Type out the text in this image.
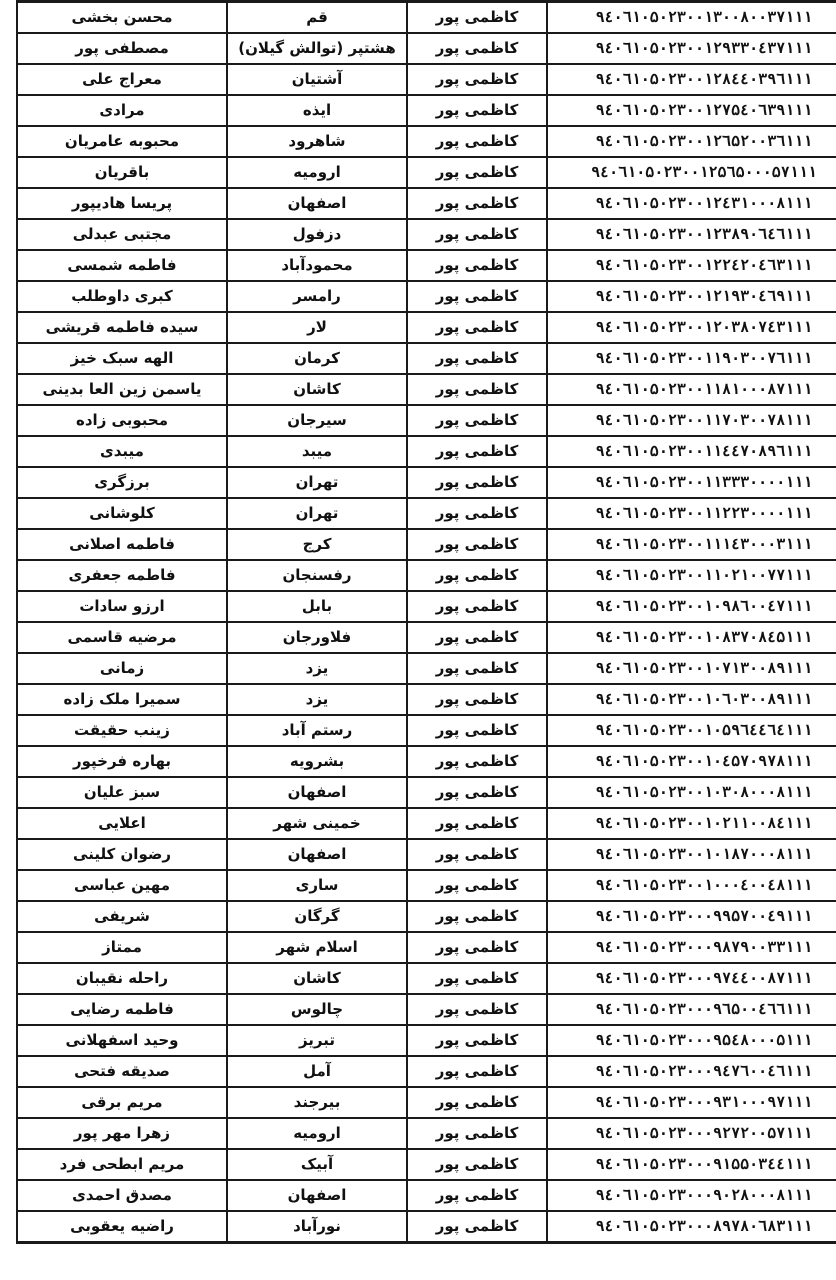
محسن بخشی	قم	کاظمی پور	۹٤۰٦۱۰۵۰۲۳۰۰۱۳۰۰۸۰۰۳۷۱۱۱
مصطفی پور	هشتپر (توالش گیلان)	کاظمی پور	۹٤۰٦۱۰۵۰۲۳۰۰۱۲۹۳۳۰٤۳۷۱۱۱
معراج علی	آشتیان	کاظمی پور	۹٤۰٦۱۰۵۰۲۳۰۰۱۲۸٤٤۰۳۹٦۱۱۱
مرادی	ایذه	کاظمی پور	۹٤۰٦۱۰۵۰۲۳۰۰۱۲۷۵٤۰٦۳۹۱۱۱
محبوبه عامریان	شاهرود	کاظمی پور	۹٤۰٦۱۰۵۰۲۳۰۰۱۲٦۵۲۰۰۳٦۱۱۱
باقریان	ارومیه	کاظمی پور	۹٤۰٦۱۰۵۰۲۳۰۰۱۲۵٦۵۰۰۰۵۷۱۱۱
پریسا هادیپور	اصفهان	کاظمی پور	۹٤۰٦۱۰۵۰۲۳۰۰۱۲٤۳۱۰۰۰۸۱۱۱
مجتبی عبدلی	دزفول	کاظمی پور	۹٤۰٦۱۰۵۰۲۳۰۰۱۲۳۸۹۰٦٤٦۱۱۱
فاطمه شمسی	محمودآباد	کاظمی پور	۹٤۰٦۱۰۵۰۲۳۰۰۱۲۲٤۲۰٤٦۳۱۱۱
کبری داوطلب	رامسر	کاظمی پور	۹٤۰٦۱۰۵۰۲۳۰۰۱۲۱۹۳۰٤٦۹۱۱۱
سیده فاطمه قریشی	لار	کاظمی پور	۹٤۰٦۱۰۵۰۲۳۰۰۱۲۰۳۸۰۷٤۳۱۱۱
الهه سبک خیز	کرمان	کاظمی پور	۹٤۰٦۱۰۵۰۲۳۰۰۱۱۹۰۳۰۰۷٦۱۱۱
یاسمن زین العا بدینی	کاشان	کاظمی پور	۹٤۰٦۱۰۵۰۲۳۰۰۱۱۸۱۰۰۰۸۷۱۱۱
محبوبی زاده	سیرجان	کاظمی پور	۹٤۰٦۱۰۵۰۲۳۰۰۱۱۷۰۳۰۰۷۸۱۱۱
میبدی	میبد	کاظمی پور	۹٤۰٦۱۰۵۰۲۳۰۰۱۱٤٤۷۰۸۹٦۱۱۱
برزگری	تهران	کاظمی پور	۹٤۰٦۱۰۵۰۲۳۰۰۱۱۳۳۳۰۰۰۰۱۱۱
کلوشانی	تهران	کاظمی پور	۹٤۰٦۱۰۵۰۲۳۰۰۱۱۲۲۳۰۰۰۰۱۱۱
فاطمه اصلانی	کرج	کاظمی پور	۹٤۰٦۱۰۵۰۲۳۰۰۱۱۱٤۳۰۰۰۳۱۱۱
فاطمه جعفری	رفسنجان	کاظمی پور	۹٤۰٦۱۰۵۰۲۳۰۰۱۱۰۲۱۰۰۷۷۱۱۱
ارزو سادات	بابل	کاظمی پور	۹٤۰٦۱۰۵۰۲۳۰۰۱۰۹۸٦۰۰٤۷۱۱۱
مرضیه قاسمی	فلاورجان	کاظمی پور	۹٤۰٦۱۰۵۰۲۳۰۰۱۰۸۳۷۰۸٤۵۱۱۱
زمانی	یزد	کاظمی پور	۹٤۰٦۱۰۵۰۲۳۰۰۱۰۷۱۳۰۰۸۹۱۱۱
سمیرا ملک زاده	یزد	کاظمی پور	۹٤۰٦۱۰۵۰۲۳۰۰۱۰٦۰۳۰۰۸۹۱۱۱
زینب حقیقت	رستم آباد	کاظمی پور	۹٤۰٦۱۰۵۰۲۳۰۰۱۰۵۹٦٤٤٦٤۱۱۱
بهاره فرخپور	بشرویه	کاظمی پور	۹٤۰٦۱۰۵۰۲۳۰۰۱۰٤۵۷۰۹۷۸۱۱۱
سبز علیان	اصفهان	کاظمی پور	۹٤۰٦۱۰۵۰۲۳۰۰۱۰۳۰۸۰۰۰۸۱۱۱
اعلایی	خمینی شهر	کاظمی پور	۹٤۰٦۱۰۵۰۲۳۰۰۱۰۲۱۱۰۰۸٤۱۱۱
رضوان کلینی	اصفهان	کاظمی پور	۹٤۰٦۱۰۵۰۲۳۰۰۱۰۱۸۷۰۰۰۸۱۱۱
مهین عباسی	ساری	کاظمی پور	۹٤۰٦۱۰۵۰۲۳۰۰۱۰۰۰٤۰۰٤۸۱۱۱
شریفی	گرگان	کاظمی پور	۹٤۰٦۱۰۵۰۲۳۰۰۰۹۹۵۷۰۰٤۹۱۱۱
ممتاز	اسلام شهر	کاظمی پور	۹٤۰٦۱۰۵۰۲۳۰۰۰۹۸۷۹۰۰۳۳۱۱۱
راحله نقیبان	کاشان	کاظمی پور	۹٤۰٦۱۰۵۰۲۳۰۰۰۹۷٤٤۰۰۸۷۱۱۱
فاطمه رضایی	چالوس	کاظمی پور	۹٤۰٦۱۰۵۰۲۳۰۰۰۹٦۵۰۰٤٦٦۱۱۱
وحید اسفهلانی	تبریز	کاظمی پور	۹٤۰٦۱۰۵۰۲۳۰۰۰۹۵٤۸۰۰۰۵۱۱۱
صدیقه فتحی	آمل	کاظمی پور	۹٤۰٦۱۰۵۰۲۳۰۰۰۹٤۷٦۰۰٤٦۱۱۱
مریم برقی	بیرجند	کاظمی پور	۹٤۰٦۱۰۵۰۲۳۰۰۰۹۳۱۰۰۰۹۷۱۱۱
زهرا مهر پور	ارومیه	کاظمی پور	۹٤۰٦۱۰۵۰۲۳۰۰۰۹۲۷۲۰۰۵۷۱۱۱
مریم ابطحی فرد	آبیک	کاظمی پور	۹٤۰٦۱۰۵۰۲۳۰۰۰۹۱۵۵۰۳٤٤۱۱۱
مصدق احمدی	اصفهان	کاظمی پور	۹٤۰٦۱۰۵۰۲۳۰۰۰۹۰۲۸۰۰۰۸۱۱۱
راضیه یعقوبی	نورآباد	کاظمی پور	۹٤۰٦۱۰۵۰۲۳۰۰۰۸۹۷۸۰٦۸۳۱۱۱
